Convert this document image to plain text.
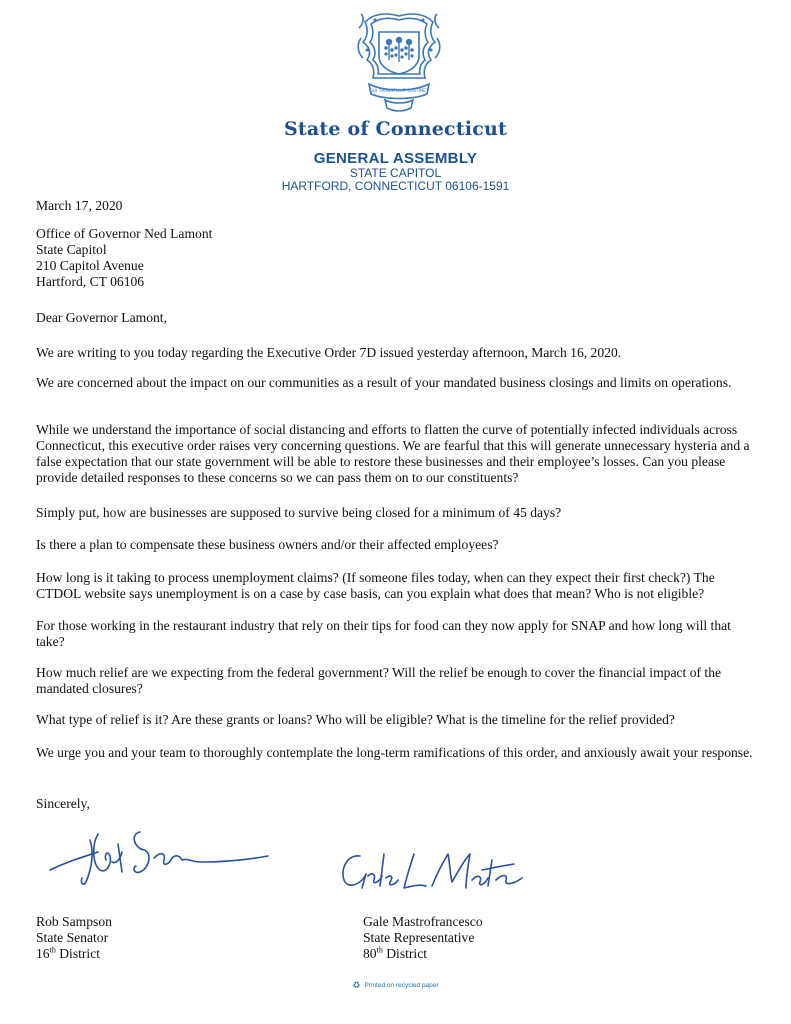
QUI TRANSTULIT SUSTINET
State of Connecticut
GENERAL ASSEMBLY
STATE CAPITOL
HARTFORD, CONNECTICUT 06106-1591
March 17, 2020
Office of Governor Ned Lamont
State Capitol
210 Capitol Avenue
Hartford, CT 06106
Dear Governor Lamont,
We are writing to you today regarding the Executive Order 7D issued yesterday afternoon, March 16, 2020.
We are concerned about the impact on our communities as a result of your mandated business closings and limits on operations.
While we understand the importance of social distancing and efforts to flatten the curve of potentially infected individuals across Connecticut, this executive order raises very concerning questions. We are fearful that this will generate unnecessary hysteria and a false expectation that our state government will be able to restore these businesses and their employee’s losses. Can you please provide detailed responses to these concerns so we can pass them on to our constituents?
Simply put, how are businesses are supposed to survive being closed for a minimum of 45 days?
Is there a plan to compensate these business owners and/or their affected employees?
How long is it taking to process unemployment claims? (If someone files today, when can they expect their first check?) The CTDOL website says unemployment is on a case by case basis, can you explain what does that mean? Who is not eligible?
For those working in the restaurant industry that rely on their tips for food can they now apply for SNAP and how long will that take?
How much relief are we expecting from the federal government? Will the relief be enough to cover the financial impact of the mandated closures?
What type of relief is it? Are these grants or loans? Who will be eligible? What is the timeline for the relief provided?
We urge you and your team to thoroughly contemplate the long-term ramifications of this order, and anxiously await your response.
Sincerely,
Rob Sampson
State Senator
16th District
Gale Mastrofrancesco
State Representative
80th District
♻ Printed on recycled paper
